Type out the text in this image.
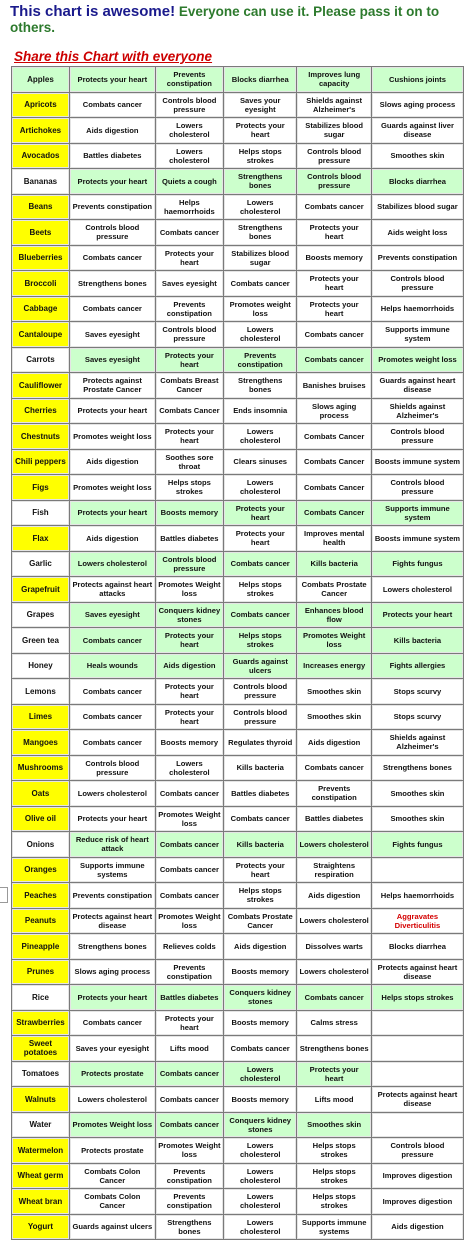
This chart is awesome! Everyone can use it. Please pass it on to others.

Share this Chart with everyone
Apples	Protects your heart	Prevents constipation	Blocks diarrhea	Improves lung capacity	Cushions joints
Apricots	Combats cancer	Controls blood pressure	Saves your eyesight	Shields against Alzheimer's	Slows aging process
Artichokes	Aids digestion	Lowers cholesterol	Protects your heart	Stabilizes blood sugar	Guards against liver disease
Avocados	Battles diabetes	Lowers cholesterol	Helps stops strokes	Controls blood pressure	Smoothes skin
Bananas	Protects your heart	Quiets a cough	Strengthens bones	Controls blood pressure	Blocks diarrhea
Beans	Prevents constipation	Helps haemorrhoids	Lowers cholesterol	Combats cancer	Stabilizes blood sugar
Beets	Controls blood pressure	Combats cancer	Strengthens bones	Protects your heart	Aids weight loss
Blueberries	Combats cancer	Protects your heart	Stabilizes blood sugar	Boosts memory	Prevents constipation
Broccoli	Strengthens bones	Saves eyesight	Combats cancer	Protects your heart	Controls blood pressure
Cabbage	Combats cancer	Prevents constipation	Promotes weight loss	Protects your heart	Helps haemorrhoids
Cantaloupe	Saves eyesight	Controls blood pressure	Lowers cholesterol	Combats cancer	Supports immune system
Carrots	Saves eyesight	Protects your heart	Prevents constipation	Combats cancer	Promotes weight loss
Cauliflower	Protects against Prostate Cancer	Combats Breast Cancer	Strengthens bones	Banishes bruises	Guards against heart disease
Cherries	Protects your heart	Combats Cancer	Ends insomnia	Slows aging process	Shields against Alzheimer's
Chestnuts	Promotes weight loss	Protects your heart	Lowers cholesterol	Combats Cancer	Controls blood pressure
Chili peppers	Aids digestion	Soothes sore throat	Clears sinuses	Combats Cancer	Boosts immune system
Figs	Promotes weight loss	Helps stops strokes	Lowers cholesterol	Combats Cancer	Controls blood pressure
Fish	Protects your heart	Boosts memory	Protects your heart	Combats Cancer	Supports immune system
Flax	Aids digestion	Battles diabetes	Protects your heart	Improves mental health	Boosts immune system
Garlic	Lowers cholesterol	Controls blood pressure	Combats cancer	Kills bacteria	Fights fungus
Grapefruit	Protects against heart attacks	Promotes Weight loss	Helps stops strokes	Combats Prostate Cancer	Lowers cholesterol
Grapes	Saves eyesight	Conquers kidney stones	Combats cancer	Enhances blood flow	Protects your heart
Green tea	Combats cancer	Protects your heart	Helps stops strokes	Promotes Weight loss	Kills bacteria
Honey	Heals wounds	Aids digestion	Guards against ulcers	Increases energy	Fights allergies
Lemons	Combats cancer	Protects your heart	Controls blood pressure	Smoothes skin	Stops scurvy
Limes	Combats cancer	Protects your heart	Controls blood pressure	Smoothes skin	Stops scurvy
Mangoes	Combats cancer	Boosts memory	Regulates thyroid	Aids digestion	Shields against Alzheimer's
Mushrooms	Controls blood pressure	Lowers cholesterol	Kills bacteria	Combats cancer	Strengthens bones
Oats	Lowers cholesterol	Combats cancer	Battles diabetes	Prevents constipation	Smoothes skin
Olive oil	Protects your heart	Promotes Weight loss	Combats cancer	Battles diabetes	Smoothes skin
Onions	Reduce risk of heart attack	Combats cancer	Kills bacteria	Lowers cholesterol	Fights fungus
Oranges	Supports immune systems	Combats cancer	Protects your heart	Straightens respiration	
Peaches	Prevents constipation	Combats cancer	Helps stops strokes	Aids digestion	Helps haemorrhoids
Peanuts	Protects against heart disease	Promotes Weight loss	Combats Prostate Cancer	Lowers cholesterol	Aggravates Diverticulitis
Pineapple	Strengthens bones	Relieves colds	Aids digestion	Dissolves warts	Blocks diarrhea
Prunes	Slows aging process	Prevents constipation	Boosts memory	Lowers cholesterol	Protects against heart disease
Rice	Protects your heart	Battles diabetes	Conquers kidney stones	Combats cancer	Helps stops strokes
Strawberries	Combats cancer	Protects your heart	Boosts memory	Calms stress	
Sweet potatoes	Saves your eyesight	Lifts mood	Combats cancer	Strengthens bones	
Tomatoes	Protects prostate	Combats cancer	Lowers cholesterol	Protects your heart	
Walnuts	Lowers cholesterol	Combats cancer	Boosts memory	Lifts mood	Protects against heart disease
Water	Promotes Weight loss	Combats cancer	Conquers kidney stones	Smoothes skin	
Watermelon	Protects prostate	Promotes Weight loss	Lowers cholesterol	Helps stops strokes	Controls blood pressure
Wheat germ	Combats Colon Cancer	Prevents constipation	Lowers cholesterol	Helps stops strokes	Improves digestion
Wheat bran	Combats Colon Cancer	Prevents constipation	Lowers cholesterol	Helps stops strokes	Improves digestion
Yogurt	Guards against ulcers	Strengthens bones	Lowers cholesterol	Supports immune systems	Aids digestion
